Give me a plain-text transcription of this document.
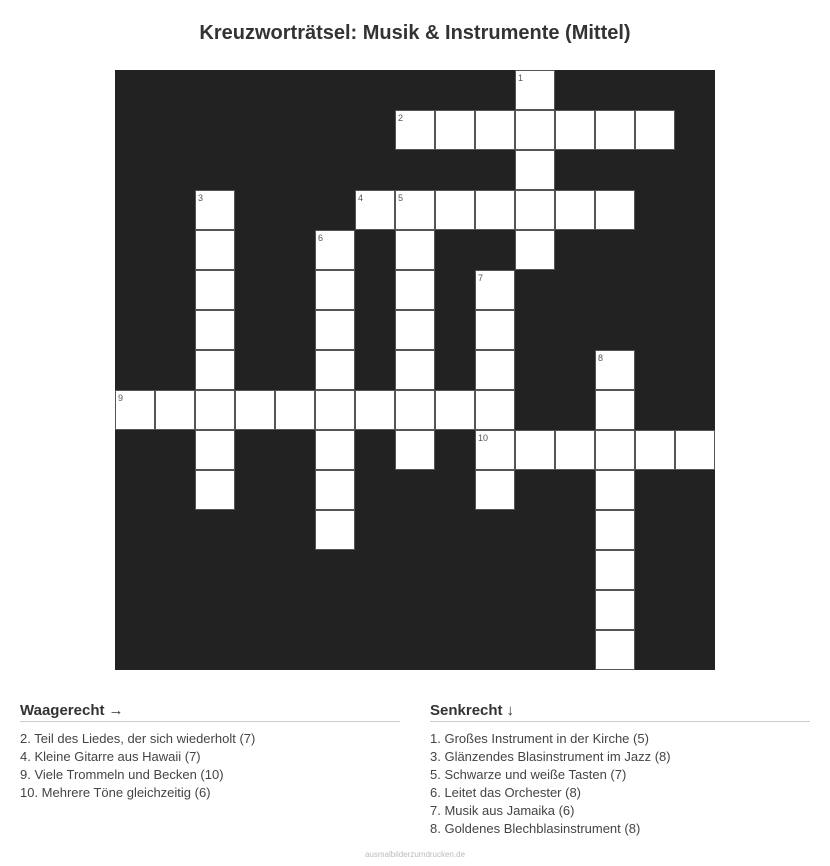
Kreuzworträtsel: Musik & Instrumente (Mittel)
1
2
3	4	5
6
7
8
9
10
Waagerecht →
2. Teil des Liedes, der sich wiederholt (7)
4. Kleine Gitarre aus Hawaii (7)
9. Viele Trommeln und Becken (10)
10. Mehrere Töne gleichzeitig (6)
Senkrecht ↓
1. Großes Instrument in der Kirche (5)
3. Glänzendes Blasinstrument im Jazz (8)
5. Schwarze und weiße Tasten (7)
6. Leitet das Orchester (8)
7. Musik aus Jamaika (6)
8. Goldenes Blechblasinstrument (8)
ausmalbilderzumdrucken.de
